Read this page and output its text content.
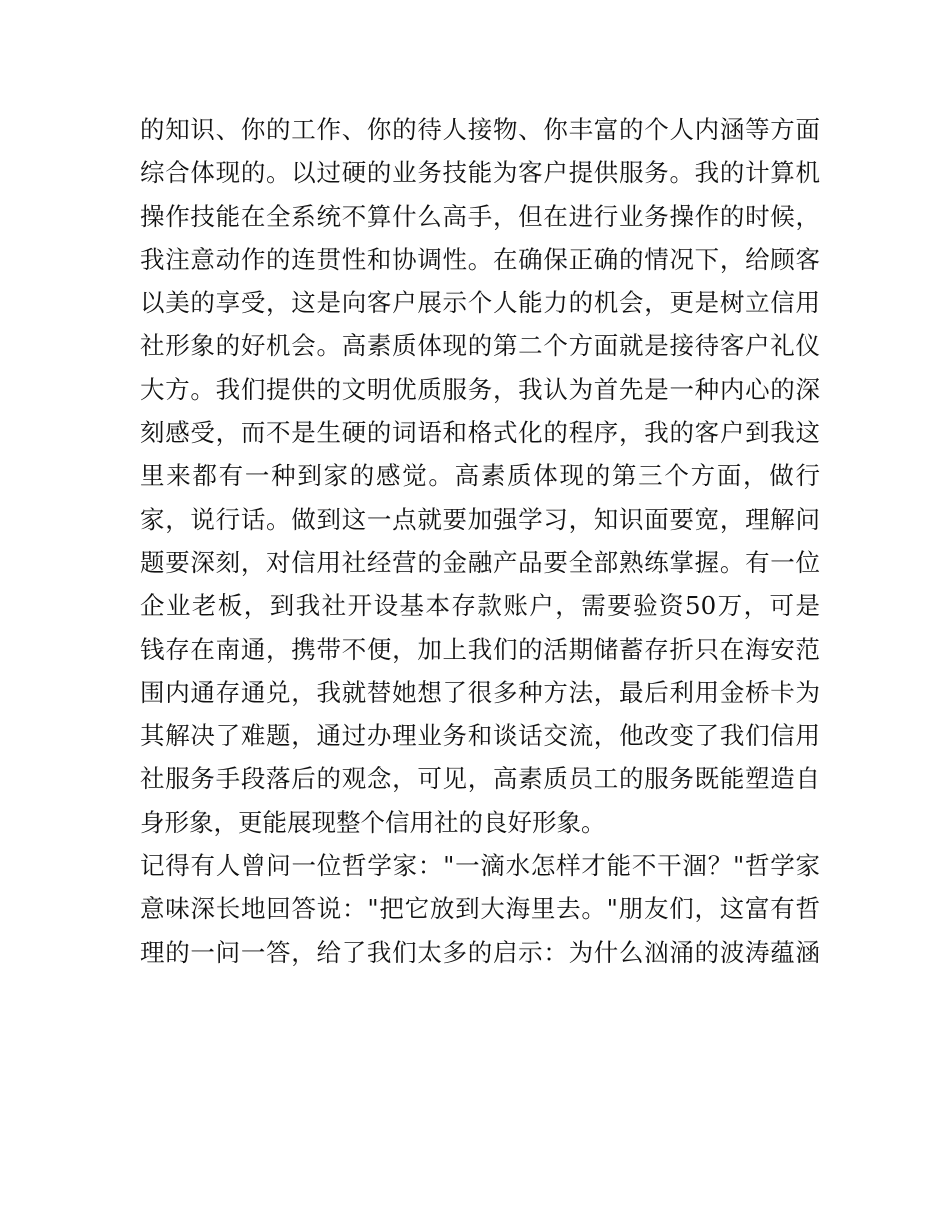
的知识、你的工作、你的待人接物、你丰富的个人内涵等方面
综合体现的。以过硬的业务技能为客户提供服务。我的计算机
操作技能在全系统不算什么高手，但在进行业务操作的时候，
我注意动作的连贯性和协调性。在确保正确的情况下，给顾客
以美的享受，这是向客户展示个人能力的机会，更是树立信用
社形象的好机会。高素质体现的第二个方面就是接待客户礼仪
大方。我们提供的文明优质服务，我认为首先是一种内心的深
刻感受，而不是生硬的词语和格式化的程序，我的客户到我这
里来都有一种到家的感觉。高素质体现的第三个方面，做行
家，说行话。做到这一点就要加强学习，知识面要宽，理解问
题要深刻，对信用社经营的金融产品要全部熟练掌握。有一位
企业老板，到我社开设基本存款账户，需要验资50万，可是
钱存在南通，携带不便，加上我们的活期储蓄存折只在海安范
围内通存通兑，我就替她想了很多种方法，最后利用金桥卡为
其解决了难题，通过办理业务和谈话交流，他改变了我们信用
社服务手段落后的观念，可见，高素质员工的服务既能塑造自
身形象，更能展现整个信用社的良好形象。
记得有人曾问一位哲学家："一滴水怎样才能不干涸？"哲学家
意味深长地回答说："把它放到大海里去。"朋友们，这富有哲
理的一问一答，给了我们太多的启示：为什么汹涌的波涛蕴涵
